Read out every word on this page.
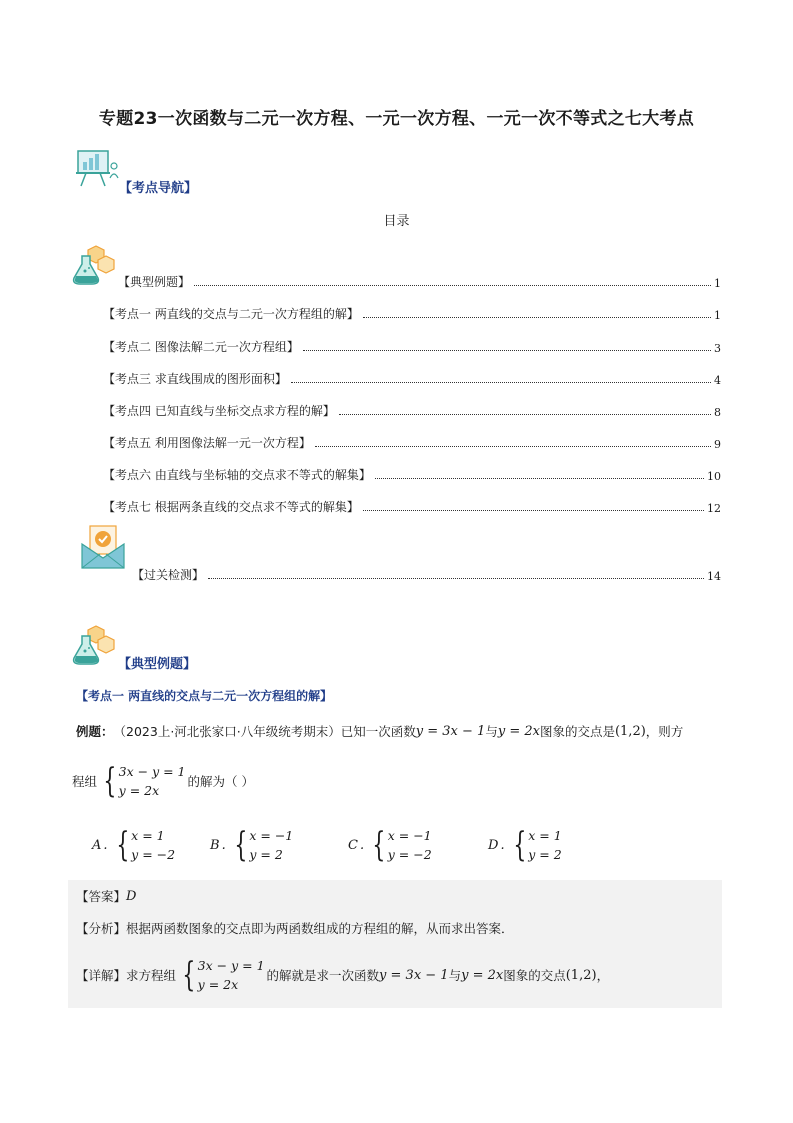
专题23一次函数与二元一次方程、一元一次方程、一元一次不等式之七大考点
【考点导航】
目录
【典型例题】	1
【考点一 两直线的交点与二元一次方程组的解】	1
【考点二 图像法解二元一次方程组】	3
【考点三 求直线围成的图形面积】	4
【考点四 已知直线与坐标交点求方程的解】	8
【考点五 利用图像法解一元一次方程】	9
【考点六 由直线与坐标轴的交点求不等式的解集】	10
【考点七 根据两条直线的交点求不等式的解集】	12
【过关检测】	14
【典型例题】
【考点一 两直线的交点与二元一次方程组的解】
例题： （2023上·河北张家口·八年级统考期末）已知一次函数 y = 3x − 1 与 y = 2x 图象的交点是 (1,2) ，则方
程组 { 3x − y = 1
y = 2x
的解为（ ）
A . { x = 1
y = −2
B . { x = −1
y = 2
C . { x = −1
y = −2
D . { x = 1
y = 2
【答案】 D
【分析】 根据两函数图象的交点即为两函数组成的方程组的解，从而求出答案．
【详解】 求方程组 { 3x − y = 1
y = 2x
的解就是求一次函数 y = 3x − 1 与 y = 2x 图象的交点 (1,2) ，
